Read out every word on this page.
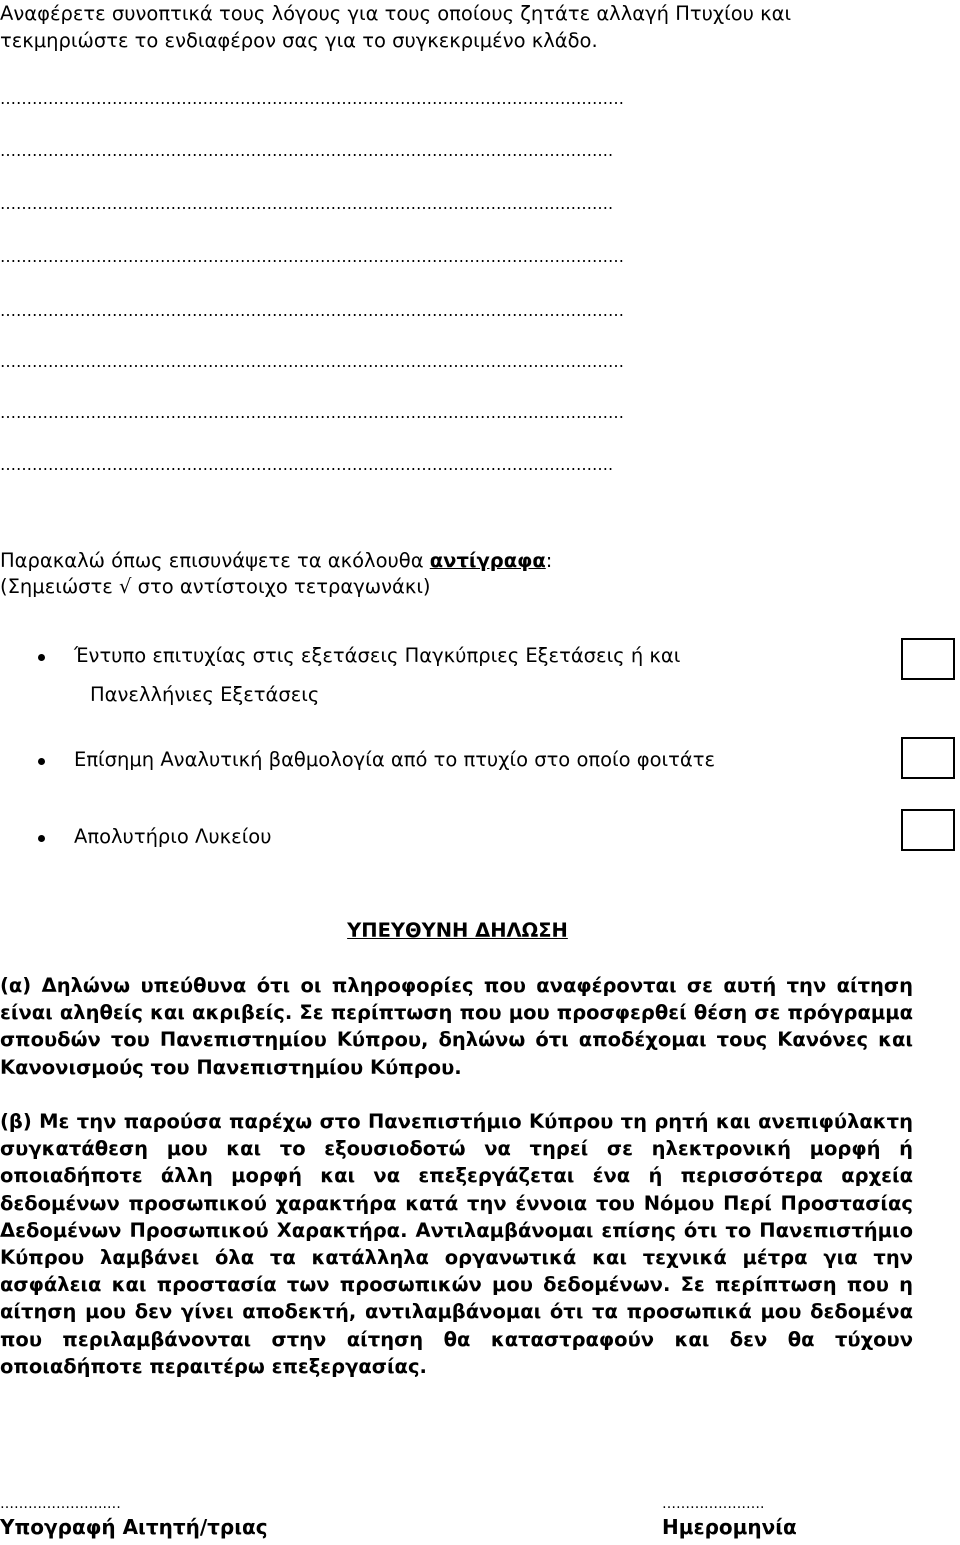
Αναφέρετε συνοπτικά τους λόγους για τους οποίους ζητάτε αλλαγή Πτυχίου και
τεκμηριώστε το ενδιαφέρον σας για το συγκεκριμένο κλάδο.
………………………………………………………………………………………………………
…………………………………………………………………………………………………….
…………………………………………………………………………………………………….
………………………………………………………………………………………………………
………………………………………………………………………………………………………
………………………………………………………………………………………………………
………………………………………………………………………………………………………
…………………………………………………………………………………………………….
Παρακαλώ όπως επισυνάψετε τα ακόλουθα αντίγραφα:
(Σημειώστε √ στο αντίστοιχο τετραγωνάκι)
Έντυπο επιτυχίας στις εξετάσεις Παγκύπριες Εξετάσεις ή και
Πανελλήνιες Εξετάσεις
Επίσημη Αναλυτική βαθμολογία από το πτυχίο στο οποίο φοιτάτε
Απολυτήριο Λυκείου
ΥΠΕΥΘΥΝΗ ΔΗΛΩΣΗ
(α) Δηλώνω υπεύθυνα ότι οι πληροφορίες που αναφέρονται σε αυτή την αίτηση είναι αληθείς και ακριβείς. Σε περίπτωση που μου προσφερθεί θέση σε πρόγραμμα σπουδών του Πανεπιστημίου Κύπρου, δηλώνω ότι αποδέχομαι τους Κανόνες και Κανονισμούς του Πανεπιστημίου Κύπρου.
(β) Με την παρούσα παρέχω στο Πανεπιστήμιο Κύπρου τη ρητή και ανεπιφύλακτη συγκατάθεση μου και το εξουσιοδοτώ να τηρεί σε ηλεκτρονική μορφή ή οποιαδήποτε άλλη μορφή και να επεξεργάζεται ένα ή περισσότερα αρχεία δεδομένων προσωπικού χαρακτήρα κατά την έννοια του Νόμου Περί Προστασίας Δεδομένων Προσωπικού Χαρακτήρα. Αντιλαμβάνομαι επίσης ότι το Πανεπιστήμιο Κύπρου λαμβάνει όλα τα κατάλληλα οργανωτικά και τεχνικά μέτρα για την ασφάλεια και προστασία των προσωπικών μου δεδομένων. Σε περίπτωση που η αίτηση μου δεν γίνει αποδεκτή, αντιλαμβάνομαι ότι τα προσωπικά μου δεδομένα που περιλαμβάνονται στην αίτηση θα καταστραφούν και δεν θα τύχουν οποιαδήποτε περαιτέρω επεξεργασίας.
…………………..…
Υπογραφή Αιτητή/τριας
………………….
Ημερομηνία
